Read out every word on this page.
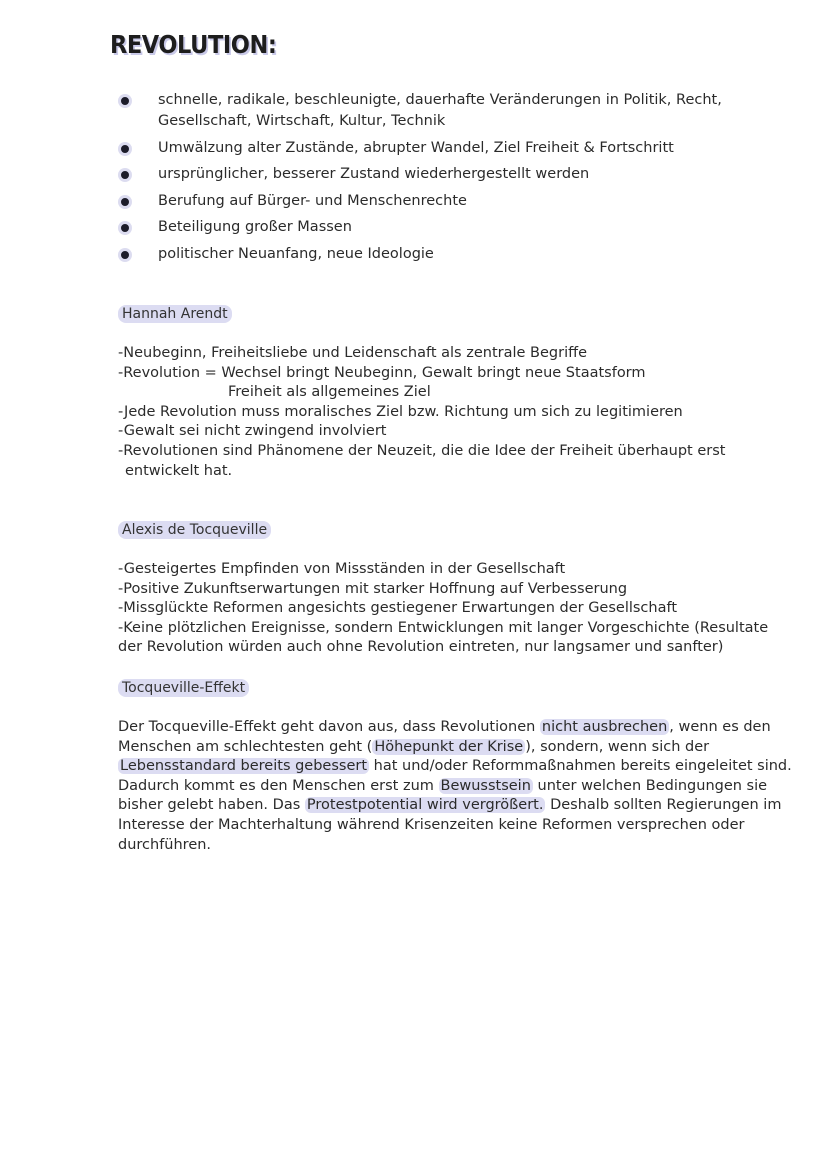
REVOLUTION:
schnelle, radikale, beschleunigte, dauerhafte Veränderungen in Politik, Recht, Gesellschaft, Wirtschaft, Kultur, Technik
Umwälzung alter Zustände, abrupter Wandel, Ziel Freiheit & Fortschritt
ursprünglicher, besserer Zustand wiederhergestellt werden
Berufung auf Bürger- und Menschenrechte
Beteiligung großer Massen
politischer Neuanfang, neue Ideologie
Hannah Arendt

-Neubeginn, Freiheitsliebe und Leidenschaft als zentrale Begriffe

-Revolution = Wechsel bringt Neubeginn, Gewalt bringt neue Staatsform

Freiheit als allgemeines Ziel

-Jede Revolution muss moralisches Ziel bzw. Richtung um sich zu legitimieren

-Gewalt sei nicht zwingend involviert

-Revolutionen sind Phänomene der Neuzeit, die die Idee der Freiheit überhaupt erst

entwickelt hat.

Alexis de Tocqueville

-Gesteigertes Empfinden von Missständen in der Gesellschaft

-Positive Zukunftserwartungen mit starker Hoffnung auf Verbesserung

-Missglückte Reformen angesichts gestiegener Erwartungen der Gesellschaft

-Keine plötzlichen Ereignisse, sondern Entwicklungen mit langer Vorgeschichte (Resultate

der Revolution würden auch ohne Revolution eintreten, nur langsamer und sanfter)

Tocqueville-Effekt
Der Tocqueville-Effekt geht davon aus, dass Revolutionen nicht ausbrechen , wenn es den Menschen am schlechtesten geht ( Höhepunkt der Krise ), sondern, wenn sich der Lebensstandard bereits gebessert hat und/oder Reformmaßnahmen bereits eingeleitet sind. Dadurch kommt es den Menschen erst zum Bewusstsein unter welchen Bedingungen sie bisher gelebt haben. Das Protestpotential wird vergrößert. Deshalb sollten Regierungen im Interesse der Machterhaltung während Krisenzeiten keine Reformen versprechen oder durchführen.
